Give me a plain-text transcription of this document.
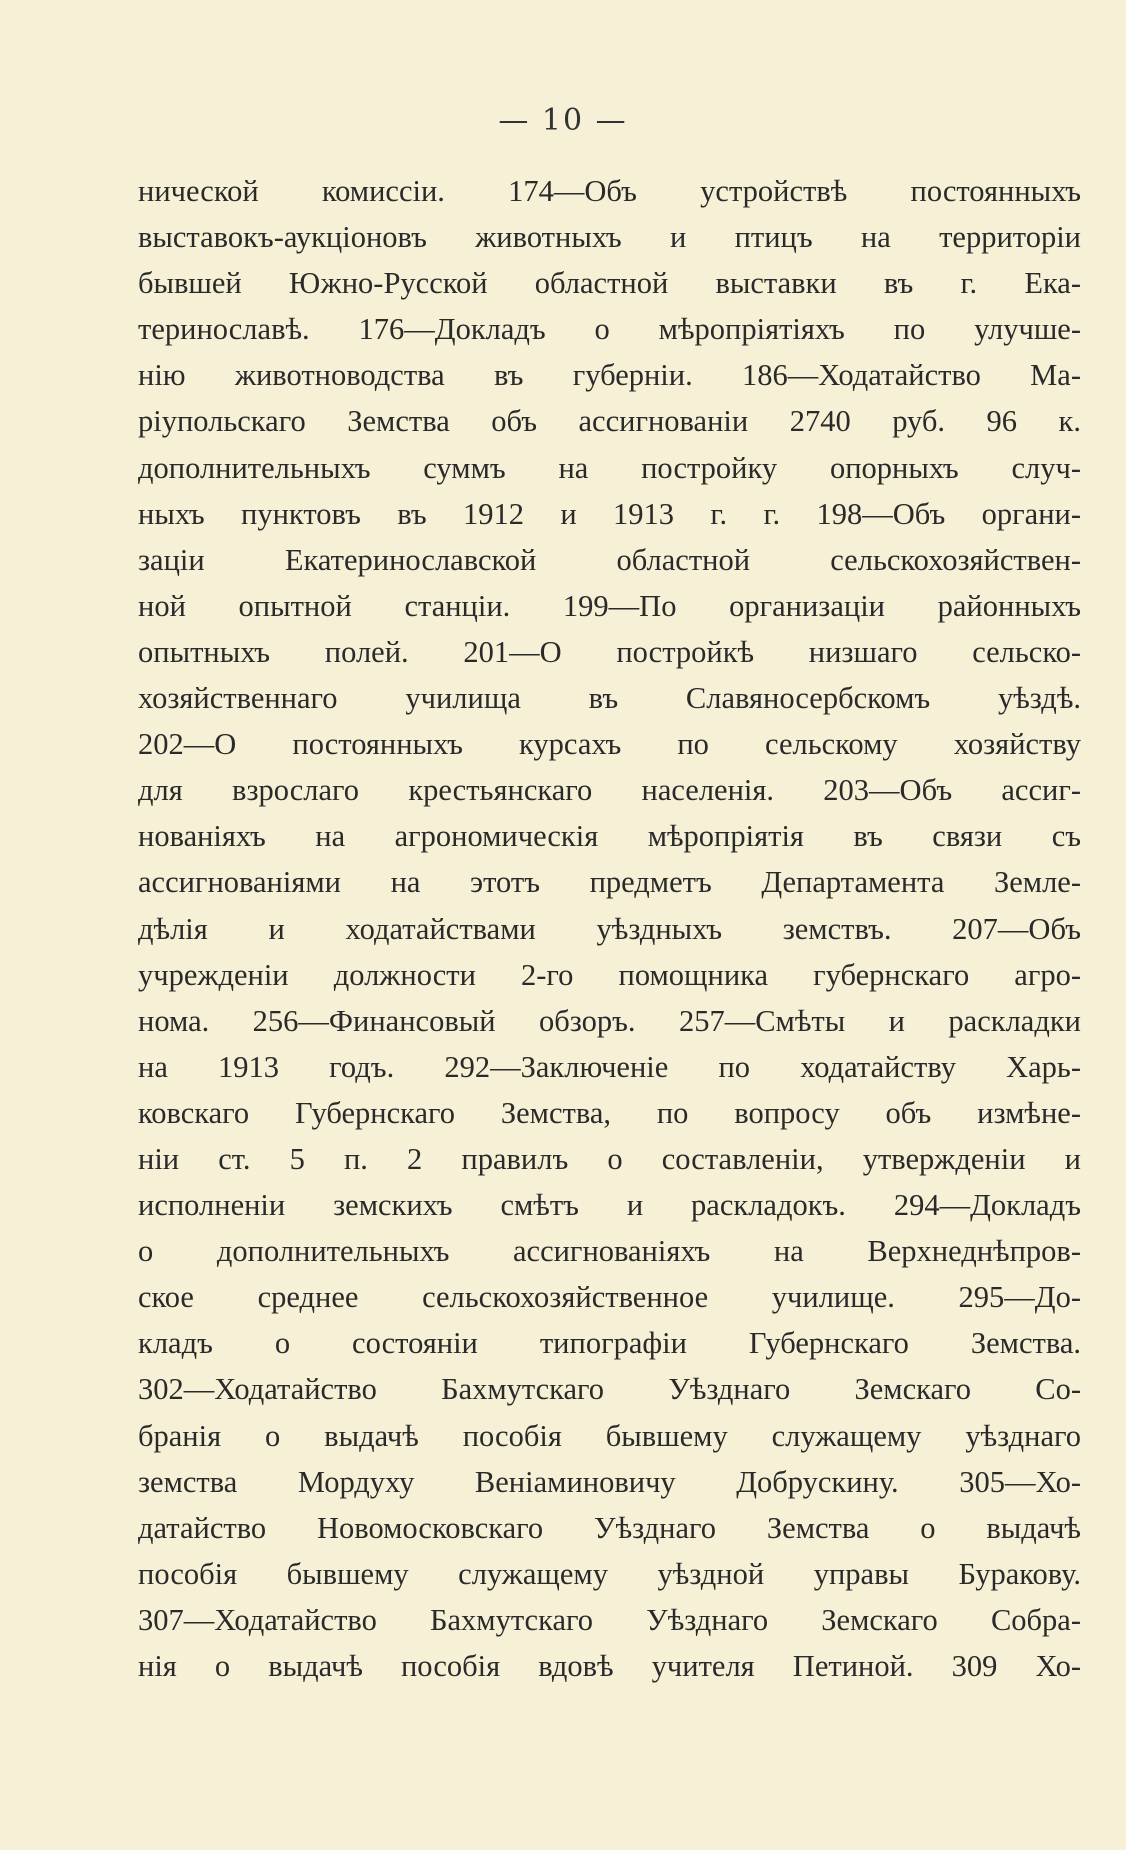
— 10 —
нической комиссіи. 174—Объ устройствѣ постоянныхъ
выставокъ-аукціоновъ животныхъ и птицъ на территоріи
бывшей Южно-Русской областной выставки въ г. Ека-
теринославѣ. 176—Докладъ о мѣропріятіяхъ по улучше-
нію животноводства въ губерніи. 186—Ходатайство Ма-
ріупольскаго Земства объ ассигнованіи 2740 руб. 96 к.
дополнительныхъ суммъ на постройку опорныхъ случ-
ныхъ пунктовъ въ 1912 и 1913 г. г. 198—Объ органи-
заціи Екатеринославской областной сельскохозяйствен-
ной опытной станціи. 199—По организаціи районныхъ
опытныхъ полей. 201—О постройкѣ низшаго сельско-
хозяйственнаго училища въ Славяносербскомъ уѣздѣ.
202—О постоянныхъ курсахъ по сельскому хозяйству
для взрослаго крестьянскаго населенія. 203—Объ ассиг-
нованіяхъ на агрономическія мѣропріятія въ связи съ
ассигнованіями на этотъ предметъ Департамента Земле-
дѣлія и ходатайствами уѣздныхъ земствъ. 207—Объ
учрежденіи должности 2-го помощника губернскаго агро-
нома. 256—Финансовый обзоръ. 257—Смѣты и раскладки
на 1913 годъ. 292—Заключеніе по ходатайству Харь-
ковскаго Губернскаго Земства, по вопросу объ измѣне-
ніи ст. 5 п. 2 правилъ о составленіи, утвержденіи и
исполненіи земскихъ смѣтъ и раскладокъ. 294—Докладъ
о дополнительныхъ ассигнованіяхъ на Верхнеднѣпров-
ское среднее сельскохозяйственное училище. 295—До-
кладъ о состояніи типографіи Губернскаго Земства.
302—Ходатайство Бахмутскаго Уѣзднаго Земскаго Со-
бранія о выдачѣ пособія бывшему служащему уѣзднаго
земства Мордуху Веніаминовичу Добрускину. 305—Хо-
датайство Новомосковскаго Уѣзднаго Земства о выдачѣ
пособія бывшему служащему уѣздной управы Буракову.
307—Ходатайство Бахмутскаго Уѣзднаго Земскаго Собра-
нія о выдачѣ пособія вдовѣ учителя Петиной. 309 Хо-
